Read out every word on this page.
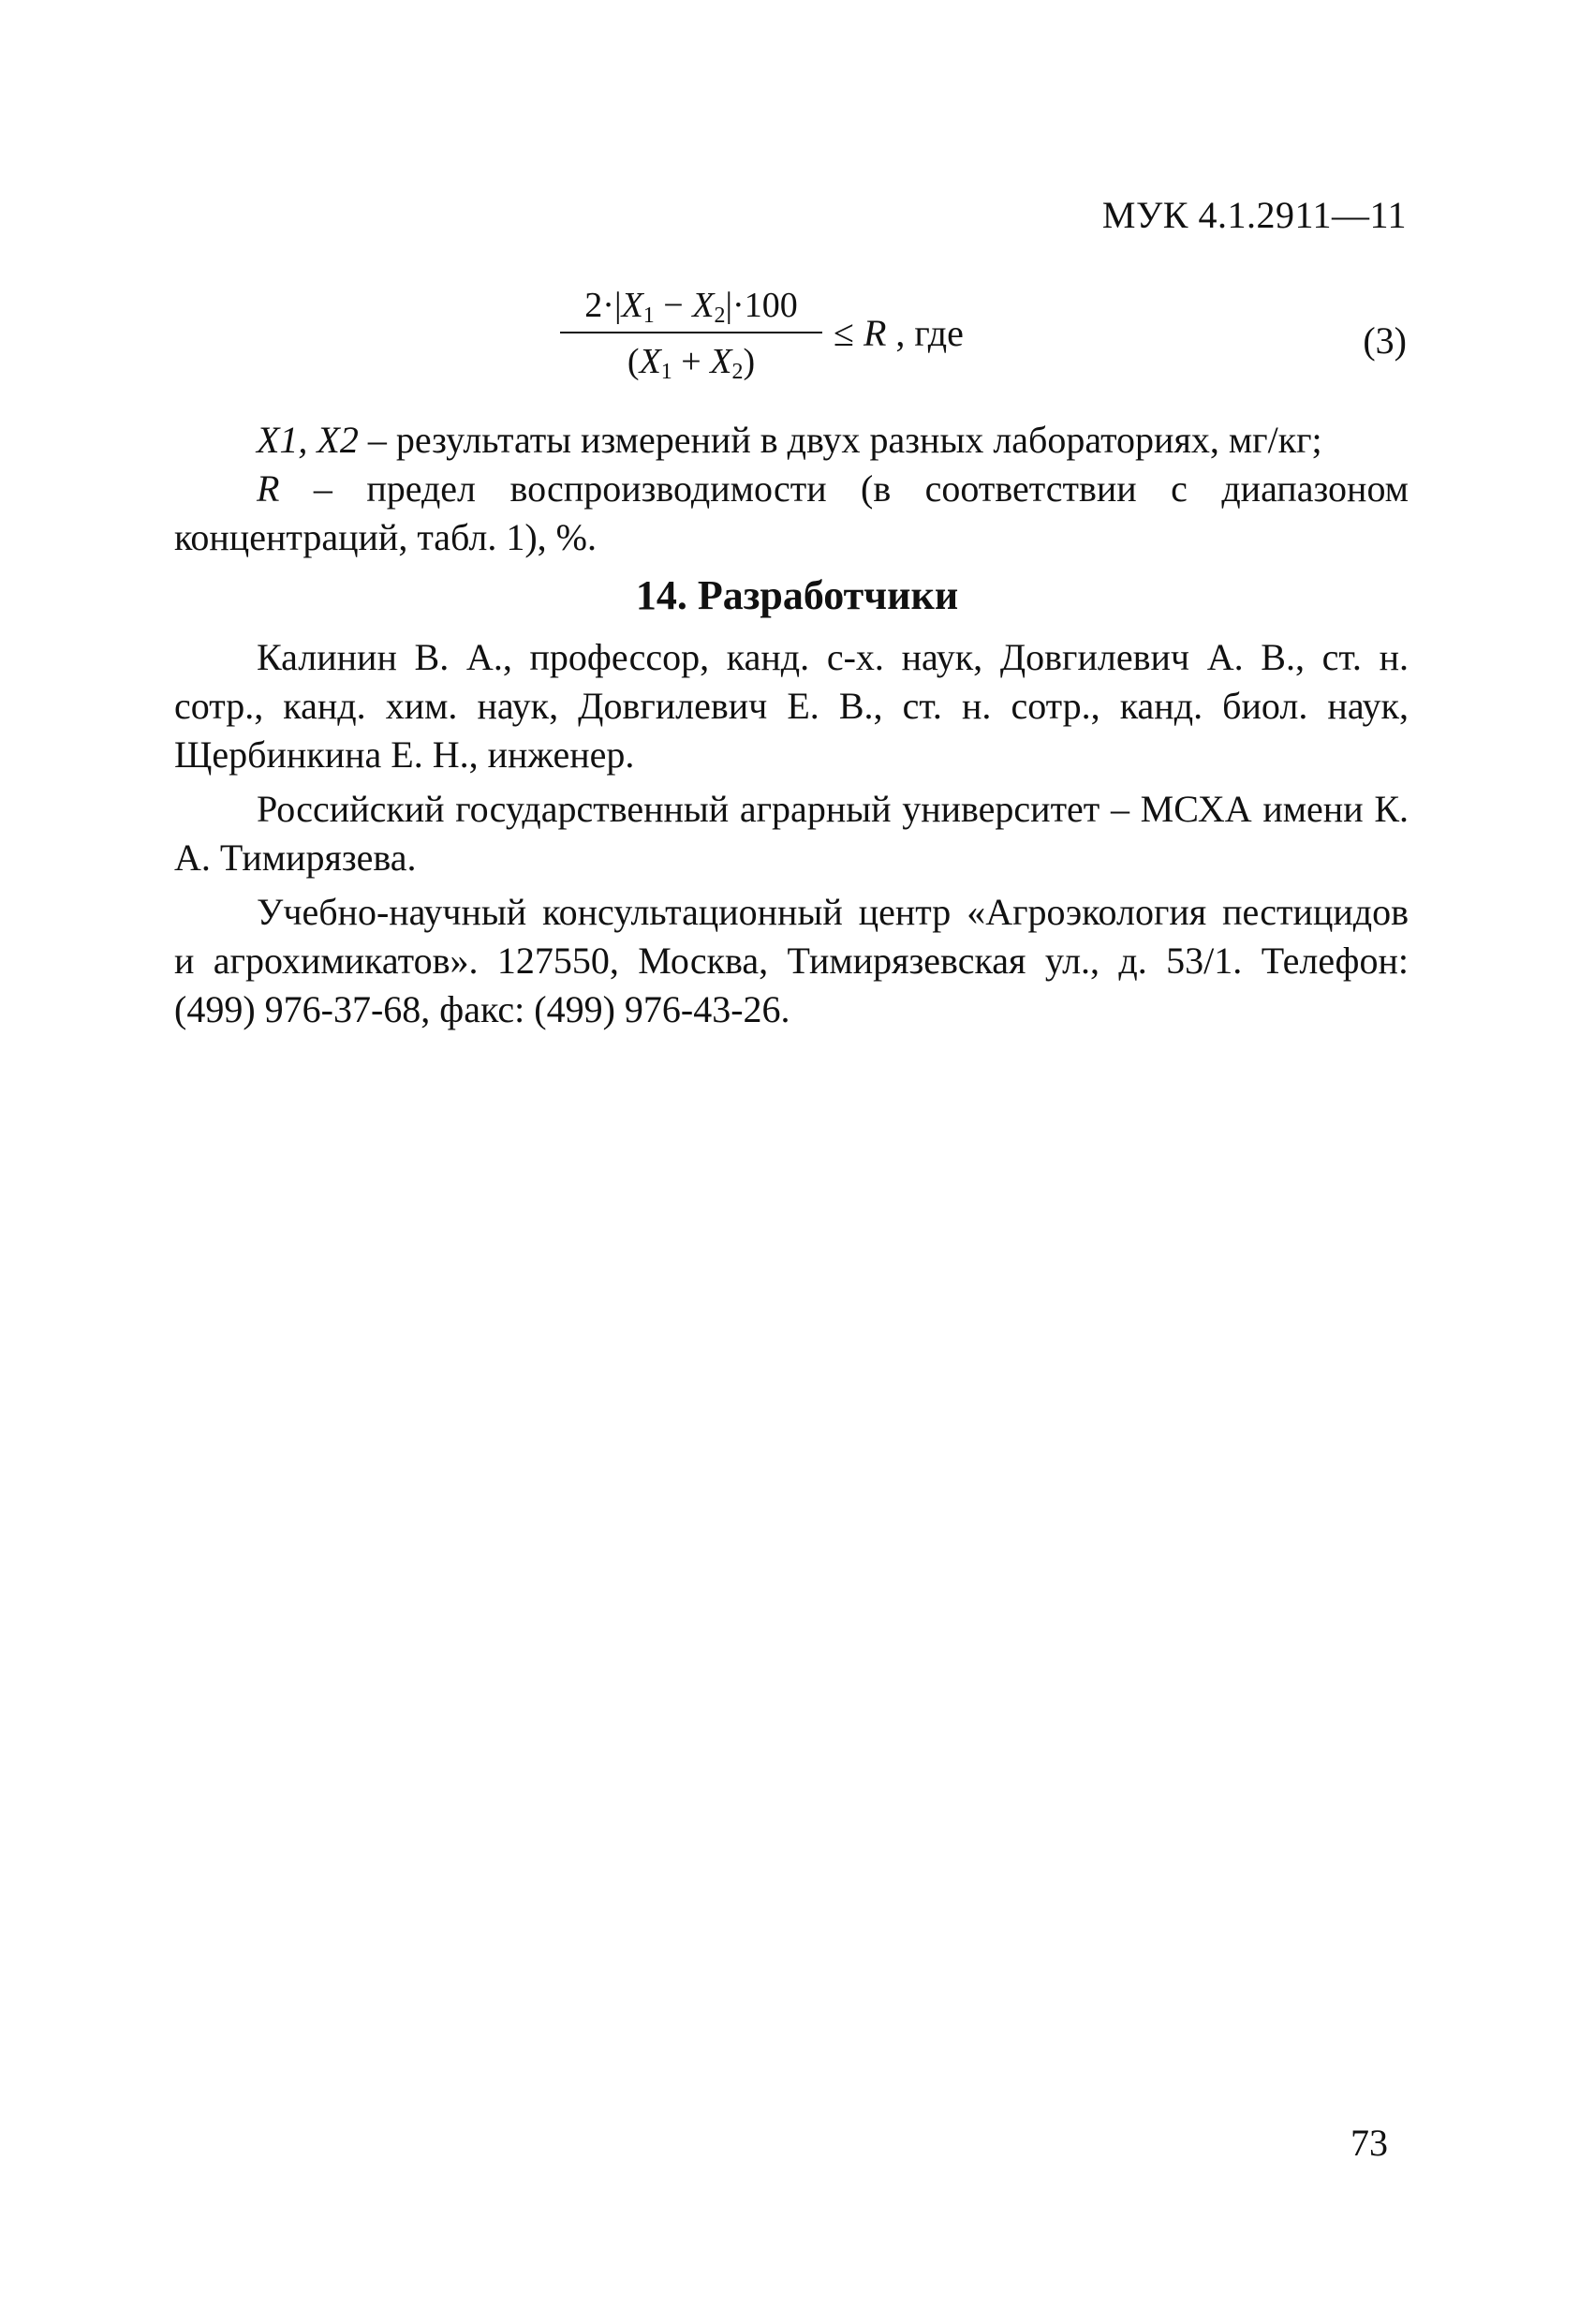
МУК 4.1.2911—11
$2\cdot|X_1 - X_2|\cdot 100$
$(X_1 + X_2)$
≤ R , где	(3)

X1, X2 – результаты измерений в двух разных лабораториях, мг/кг;

R – предел воспроизводимости (в соответствии с диапазоном концентраций, табл. 1), %.

14. Разработчики

Калинин В. А., профессор, канд. с-х. наук, Довгилевич А. В., ст. н. сотр., канд. хим. наук, Довгилевич Е. В., ст. н. сотр., канд. биол. наук, Щербинкина Е. Н., инженер.

Российский государственный аграрный университет – МСХА имени К. А. Тимирязева.

Учебно-научный консультационный центр «Агроэкология пестицидов и агрохимикатов». 127550, Москва, Тимирязевская ул., д. 53/1. Телефон: (499) 976-37-68, факс: (499) 976-43-26.

73
